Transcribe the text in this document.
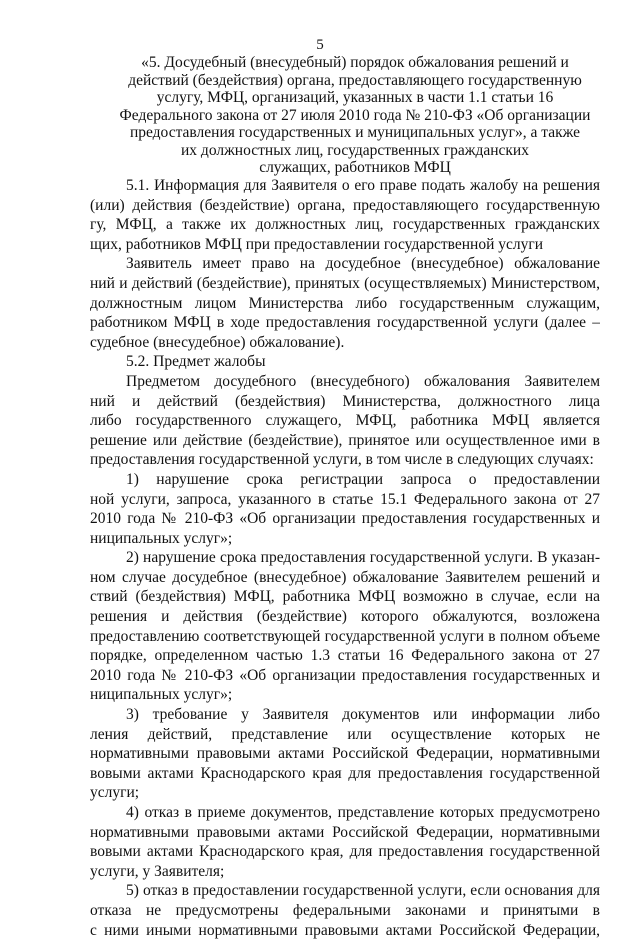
5
«5. Досудебный (внесудебный) порядок обжалования решений и
действий (бездействия) органа, предоставляющего государственную
услугу, МФЦ, организаций, указанных в части 1.1 статьи 16
Федерального закона от 27 июля 2010 года № 210-ФЗ «Об организации
предоставления государственных и муниципальных услуг», а также
их должностных лиц, государственных гражданских
служащих, работников МФЦ
5.1. Информация для Заявителя о его праве подать жалобу на решения
(или) действия (бездействие) органа, предоставляющего государственную
гу, МФЦ, а также их должностных лиц, государственных гражданских
щих, работников МФЦ при предоставлении государственной услуги
Заявитель имеет право на досудебное (внесудебное) обжалование
ний и действий (бездействие), принятых (осуществляемых) Министерством,
должностным лицом Министерства либо государственным служащим,
работником МФЦ в ходе предоставления государственной услуги (далее –
судебное (внесудебное) обжалование).
5.2. Предмет жалобы
Предметом досудебного (внесудебного) обжалования Заявителем
ний и действий (бездействия) Министерства, должностного лица
либо государственного служащего, МФЦ, работника МФЦ является
решение или действие (бездействие), принятое или осуществленное ими в
предоставления государственной услуги, в том числе в следующих случаях:
1) нарушение срока регистрации запроса о предоставлении
ной услуги, запроса, указанного в статье 15.1 Федерального закона от 27
2010 года № 210-ФЗ «Об организации предоставления государственных и
ниципальных услуг»;
2) нарушение срока предоставления государственной услуги. В указан-
ном случае досудебное (внесудебное) обжалование Заявителем решений и
ствий (бездействия) МФЦ, работника МФЦ возможно в случае, если на
решения и действия (бездействие) которого обжалуются, возложена
предоставлению соответствующей государственной услуги в полном объеме
порядке, определенном частью 1.3 статьи 16 Федерального закона от 27
2010 года № 210-ФЗ «Об организации предоставления государственных и
ниципальных услуг»;
3) требование у Заявителя документов или информации либо
ления действий, представление или осуществление которых не
нормативными правовыми актами Российской Федерации, нормативными
вовыми актами Краснодарского края для предоставления государственной
услуги;
4) отказ в приеме документов, представление которых предусмотрено
нормативными правовыми актами Российской Федерации, нормативными
вовыми актами Краснодарского края, для предоставления государственной
услуги, у Заявителя;
5) отказ в предоставлении государственной услуги, если основания для
отказа не предусмотрены федеральными законами и принятыми в
с ними иными нормативными правовыми актами Российской Федерации,
